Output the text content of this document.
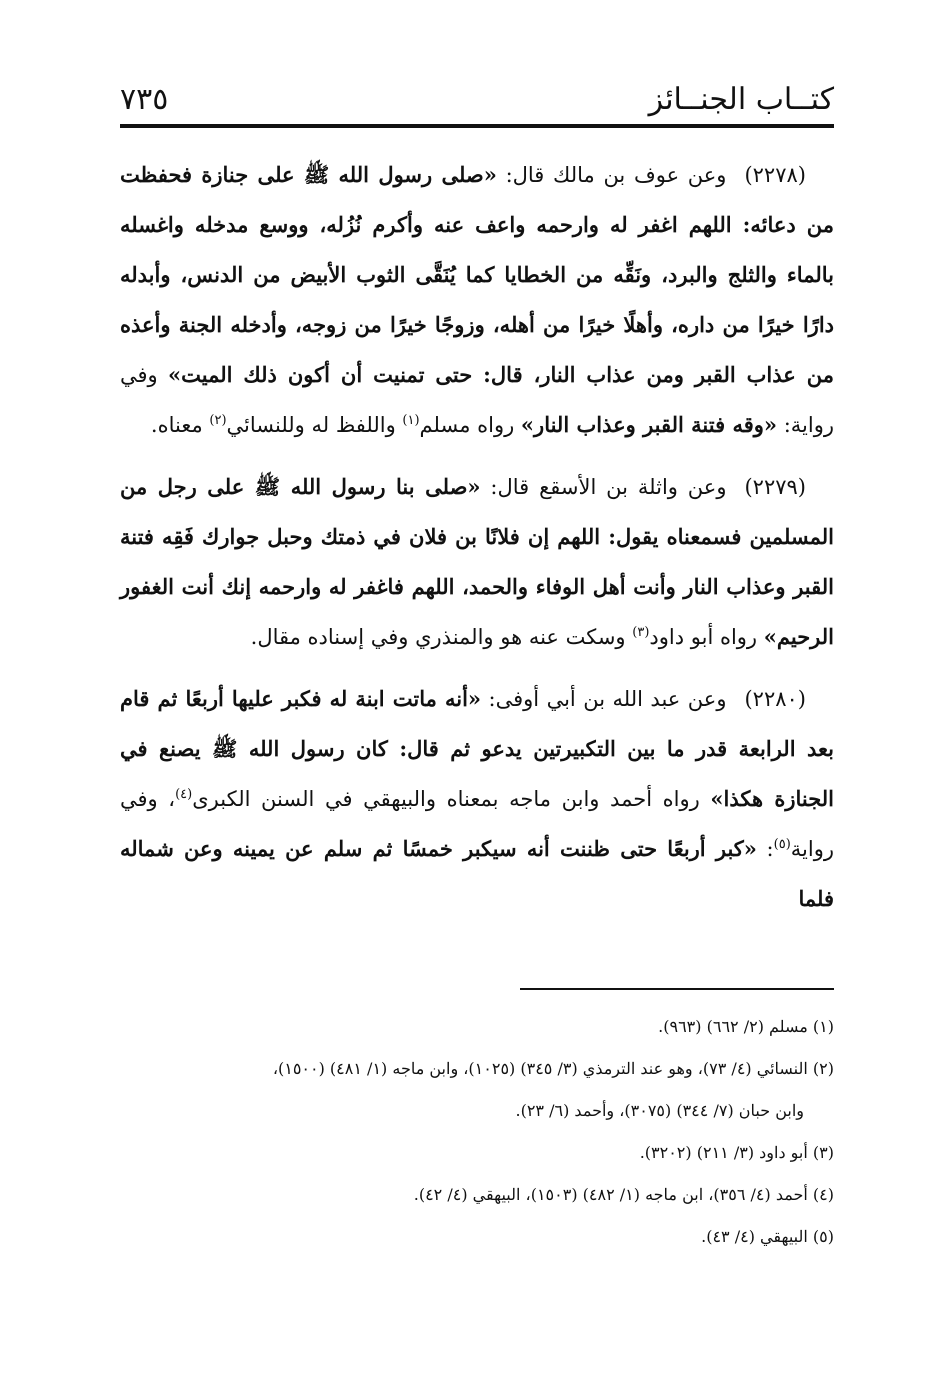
كتــاب الجنــائز
٧٣٥

(٢٢٧٨)وعن عوف بن مالك قال: «صلى رسول الله ﷺ على جنازة فحفظت من دعائه: اللهم اغفر له وارحمه واعف عنه وأكرم نُزُله، ووسع مدخله واغسله بالماء والثلج والبرد، ونَقِّه من الخطايا كما يُنَقَّى الثوب الأبيض من الدنس، وأبدله دارًا خيرًا من داره، وأهلًا خيرًا من أهله، وزوجًا خيرًا من زوجه، وأدخله الجنة وأعذه من عذاب القبر ومن عذاب النار، قال: حتى تمنيت أن أكون ذلك الميت» وفي رواية: «وقه فتنة القبر وعذاب النار» رواه مسلم$^{(١)}$ واللفظ له وللنسائي$^{(٢)}$ معناه.

(٢٢٧٩)وعن واثلة بن الأسقع قال: «صلى بنا رسول الله ﷺ على رجل من المسلمين فسمعناه يقول: اللهم إن فلانًا بن فلان في ذمتك وحبل جوارك فَقِه فتنة القبر وعذاب النار وأنت أهل الوفاء والحمد، اللهم فاغفر له وارحمه إنك أنت الغفور الرحيم» رواه أبو داود$^{(٣)}$ وسكت عنه هو والمنذري وفي إسناده مقال.

(٢٢٨٠)وعن عبد الله بن أبي أوفى: «أنه ماتت ابنة له فكبر عليها أربعًا ثم قام بعد الرابعة قدر ما بين التكبيرتين يدعو ثم قال: كان رسول الله ﷺ يصنع في الجنازة هكذا» رواه أحمد وابن ماجه بمعناه والبيهقي في السنن الكبرى$^{(٤)}$، وفي رواية$^{(٥)}$: «كبر أربعًا حتى ظننت أنه سيكبر خمسًا ثم سلم عن يمينه وعن شماله فلما

(١) مسلم (٢/ ٦٦٢) (٩٦٣).

(٢) النسائي (٤/ ٧٣)، وهو عند الترمذي (٣/ ٣٤٥) (١٠٢٥)، وابن ماجه (١/ ٤٨١) (١٥٠٠)،

وابن حبان (٧/ ٣٤٤) (٣٠٧٥)، وأحمد (٦/ ٢٣).

(٣) أبو داود (٣/ ٢١١) (٣٢٠٢).

(٤) أحمد (٤/ ٣٥٦)، ابن ماجه (١/ ٤٨٢) (١٥٠٣)، البيهقي (٤/ ٤٢).

(٥) البيهقي (٤/ ٤٣).
